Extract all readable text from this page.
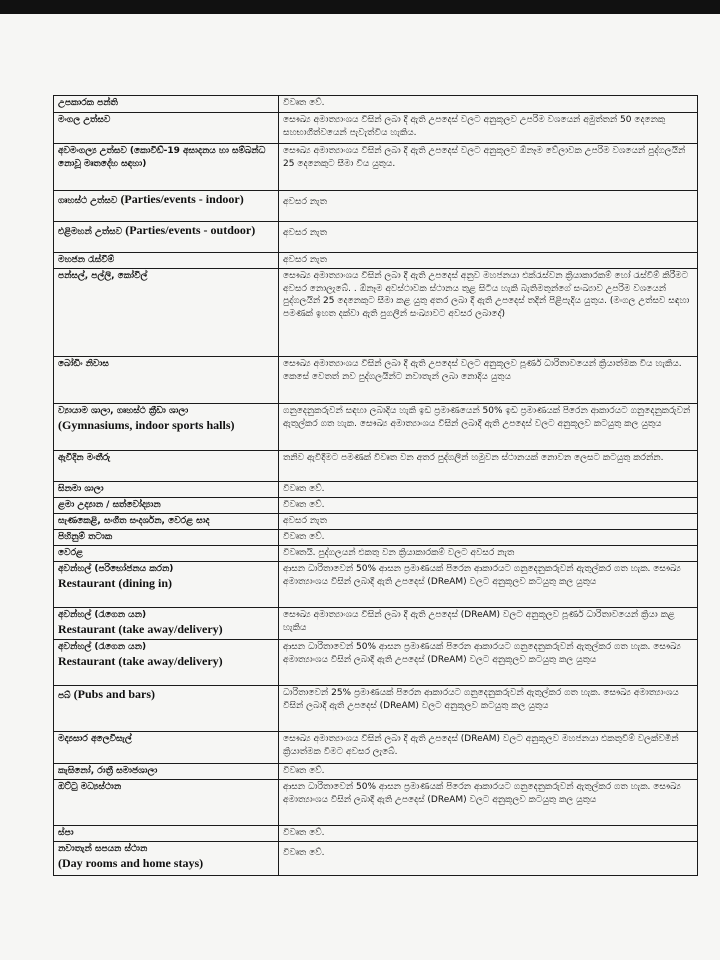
උපකාරක පන්ති	විවෘත වේ.

මංගල උත්සව	සෞඛ්‍ය අමාත්‍යාංශය විසින් ලබා දී ඇති උපදෙස් වලට අනුකූලව උපරිම වශයෙන් අමුත්තන් 50 දෙනෙකු සහභාගීත්වයෙන් පැවැත්විය හැකිය.

අවමංගල්‍ය උත්සව (කොවිඩ්-19 අසාදනය හා සම්බන්ධ නොවූ මෘතදේහ සඳහා)	සෞඛ්‍ය අමාත්‍යාංශය විසින් ලබා දී ඇති උපදෙස් වලට අනුකූලව ඕනෑම වේලාවක උපරිම වශයෙන් පුද්ගලයින් 25 දෙනෙකුට සීමා විය යුතුය.
ගෘහස්ථ උත්සව (Parties/events - indoor)	අවසර නැත

එළිමහන් උත්සව (Parties/events - outdoor)	අවසර නැත

මහජන රැස්වීම්	අවසර නැත

පන්සල්, පල්ලි, කෝවිල්	සෞඛ්‍ය අමාත්‍යාංශය විසින් ලබා දී ඇති උපදෙස් අනුව මහජනයා එක්රැස්වන ක්‍රියාකාරකම් හෝ රැස්වීම් කිරීමට අවසර නොලැබේ. . ඕනෑම අවස්ථාවක ස්ථානය තුළ සිටිය හැකි බැතිමතුන්ගේ සංඛ්‍යාව උපරිම වශයෙන් පුද්ගලයින් 25 දෙනෙකුට සීමා කළ යුතු අතර ලබා දී ඇති උපදෙස් තදින් පිළිපැදිය යුතුය. (මංගල උත්සව සඳහා පමණක් ඉහත දක්වා ඇති පුගලින් සංඛ්‍යාවට අවසර ලබාදේ)

බෝඩිං නිවාස	සෞඛ්‍ය අමාත්‍යාංශය විසින් ලබා දී ඇති උපදෙස් වලට අනුකූලව පූර්ණ ධාරිතාවයෙන් ක්‍රියාත්මක විය හැකිය. කෙසේ වෙතත් නව පුද්ගලයින්ට නවාතැන් ලබා නොදිය යුතුය

ව්‍යායාම ශාලා, ගෘහස්ථ ක්‍රීඩා ශාලා
(Gymnasiums, indoor sports halls)	ගනුදෙනුකරුවන් සඳහා ලබාදිය හැකි ඉඩ ප්‍රමාණයෙන් 50% ඉඩ ප්‍රමාණයක් පිරෙන ආකාරයට ගනුදෙනුකරුවන් ඇතුල්කර ගත හැක. සෞඛ්‍ය අමාත්‍යාංශය විසින් ලබාදී ඇති උපදෙස් වලට අනුකූලව කටයුතු කල යුතුය

ඇවිදින මංතීරු	තනිව ඇවිදීමට පමණක් විවෘත වන අතර පුද්ගලින් හමුවන ස්ථානයක් නොවන ලෙසට කටයුතු කරන්න.

සිනමා ශාලා	විවෘත වේ.

ළමා උද්‍යාන / සත්වෝද්‍යාන	විවෘත වේ.

සැණකෙළි, සංගීත සංදර්ශන, වෙරළ සාද	අවසර නැත

පිහිනුම් තටාක	විවෘත වේ.

වෙරළ	විවෘතයි. පුද්ගලයන් එකතු වන ක්‍රියාකාරකම් වලට අවසර නැත

අවන්හල් (පරිභෝජනය කරන)
Restaurant (dining in)	ආසන ධාරිතාවෙන් 50% ආසන ප්‍රමාණයක් පිරෙන ආකාරයට ගනුදෙනුකරුවන් ඇතුල්කර ගත හැක. සෞඛ්‍ය අමාත්‍යාංශය විසින් ලබාදී ඇති උපදෙස් (DReAM) වලට අනුකූලව කටයුතු කල යුතුය

අවන්හල් (රැගෙන යන)
Restaurant (take away/delivery)	සෞඛ්‍ය අමාත්‍යාංශය විසින් ලබා දී ඇති උපදෙස් (DReAM) වලට අනුකූලව පූර්ණ ධාරිතාවයෙන් ක්‍රියා කළ හැකිය

අවන්හල් (රැගෙන යන)
Restaurant (take away/delivery)	ආසන ධාරිතාවෙන් 50% ආසන ප්‍රමාණයක් පිරෙන ආකාරයට ගනුදෙනුකරුවන් ඇතුල්කර ගත හැක. සෞඛ්‍ය අමාත්‍යාංශය විසින් ලබාදී ඇති උපදෙස් (DReAM) වලට අනුකූලව කටයුතු කල යුතුය
පබ් (Pubs and bars)	ධාරිතාවෙන් 25% ප්‍රමාණයක් පිරෙන ආකාරයට ගනුදෙනුකරුවන් ඇතුල්කර ගත හැක. සෞඛ්‍ය අමාත්‍යාංශය විසින් ලබාදී ඇති උපදෙස් (DReAM) වලට අනුකූලව කටයුතු කල යුතුය

මද්‍යසාර අලෙවිසැල්	සෞඛ්‍ය අමාත්‍යාංශය විසින් ලබා දී ඇති උපදෙස් (DReAM) වලට අනුකූලව මහජනයා එකතුවීම් වලක්වමින් ක්‍රියාත්මක වීමට අවසර ලැබේ.

කැසිනෝ, රාත්‍රී සමාජශාලා	විවෘත වේ.

ඔට්ටු මධ්‍යස්ථාන	ආසන ධාරිතාවෙන් 50% ආසන ප්‍රමාණයක් පිරෙන ආකාරයට ගනුදෙනුකරුවන් ඇතුල්කර ගත හැක. සෞඛ්‍ය අමාත්‍යාංශය විසින් ලබාදී ඇති උපදෙස් (DReAM) වලට අනුකූලව කටයුතු කල යුතුය

ස්පා	විවෘත වේ.

නවාතැන් සපයන ස්ථාන
(Day rooms and home stays)	විවෘත වේ.
